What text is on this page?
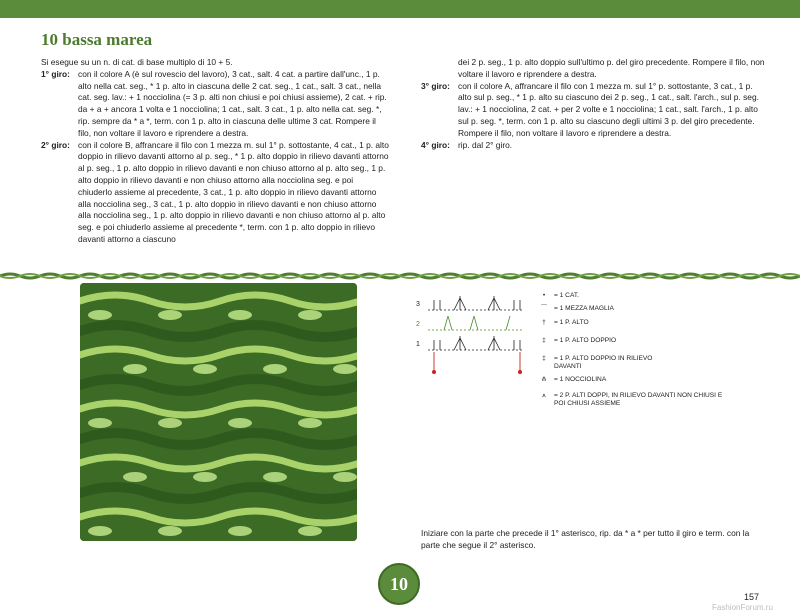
10 bassa marea
Si esegue su un n. di cat. di base multiplo di 10 + 5.
1° giro: con il colore A (è sul rovescio del lavoro), 3 cat., salt. 4 cat. a partire dall'unc., 1 p. alto nella cat. seg., * 1 p. alto in ciascuna delle 2 cat. seg., 1 cat., salt. 3 cat., nella cat. seg. lav.: + 1 nocciolina (= 3 p. alti non chiusi e poi chiusi assieme), 2 cat. + rip. da + a + ancora 1 volta e 1 nocciolina; 1 cat., salt. 3 cat., 1 p. alto nella cat. seg. *, rip. sempre da * a *, term. con 1 p. alto in ciascuna delle ultime 3 cat. Rompere il filo, non voltare il lavoro e riprendere a destra.
2° giro: con il colore B, affrancare il filo con 1 mezza m. sul 1° p. sottostante, 4 cat., 1 p. alto doppio in rilievo davanti attorno al p. seg., * 1 p. alto doppio in rilievo davanti attorno al p. seg., 1 p. alto doppio in rilievo davanti e non chiuso attorno al p. alto seg., 1 p. alto doppio in rilievo davanti e non chiuso attorno alla nocciolina seg. e poi chiuderlo assieme al precedente, 3 cat., 1 p. alto doppio in rilievo davanti attorno alla nocciolina seg., 3 cat., 1 p. alto doppio in rilievo davanti e non chiuso attorno alla nocciolina seg., 1 p. alto doppio in rilievo davanti e non chiuso attorno al p. alto seg. e poi chiuderlo assieme al precedente *, term. con 1 p. alto doppio in rilievo davanti attorno a ciascuno
dei 2 p. seg., 1 p. alto doppio sull'ultimo p. del giro precedente. Rompere il filo, non voltare il lavoro e riprendere a destra.
3° giro: con il colore A, affrancare il filo con 1 mezza m. sul 1° p. sottostante, 3 cat., 1 p. alto sul p. seg., * 1 p. alto su ciascuno dei 2 p. seg., 1 cat., salt. l'arch., sul p. seg. lav.: + 1 nocciolina, 2 cat. + per 2 volte e 1 nocciolina; 1 cat., salt. l'arch., 1 p. alto sul p. seg. *, term. con 1 p. alto su ciascuno degli ultimi 3 p. del giro precedente. Rompere il filo, non voltare il lavoro e riprendere a destra.
4° giro: rip. dal 2° giro.
3
2
1
•	= 1 CAT.
⌒	= 1 MEZZA MAGLIA
†	= 1 P. ALTO
‡	= 1 P. ALTO DOPPIO
‡	= 1 P. ALTO DOPPIO IN RILIEVO DAVANTI
⋔	= 1 NOCCIOLINA
⩚	= 2 P. ALTI DOPPI, IN RILIEVO DAVANTI NON CHIUSI E POI CHIUSI ASSIEME
Iniziare con la parte che precede il 1° asterisco, rip. da * a * per tutto il giro e term. con la parte che segue il 2° asterisco.
10
157
FashionForum.ru
